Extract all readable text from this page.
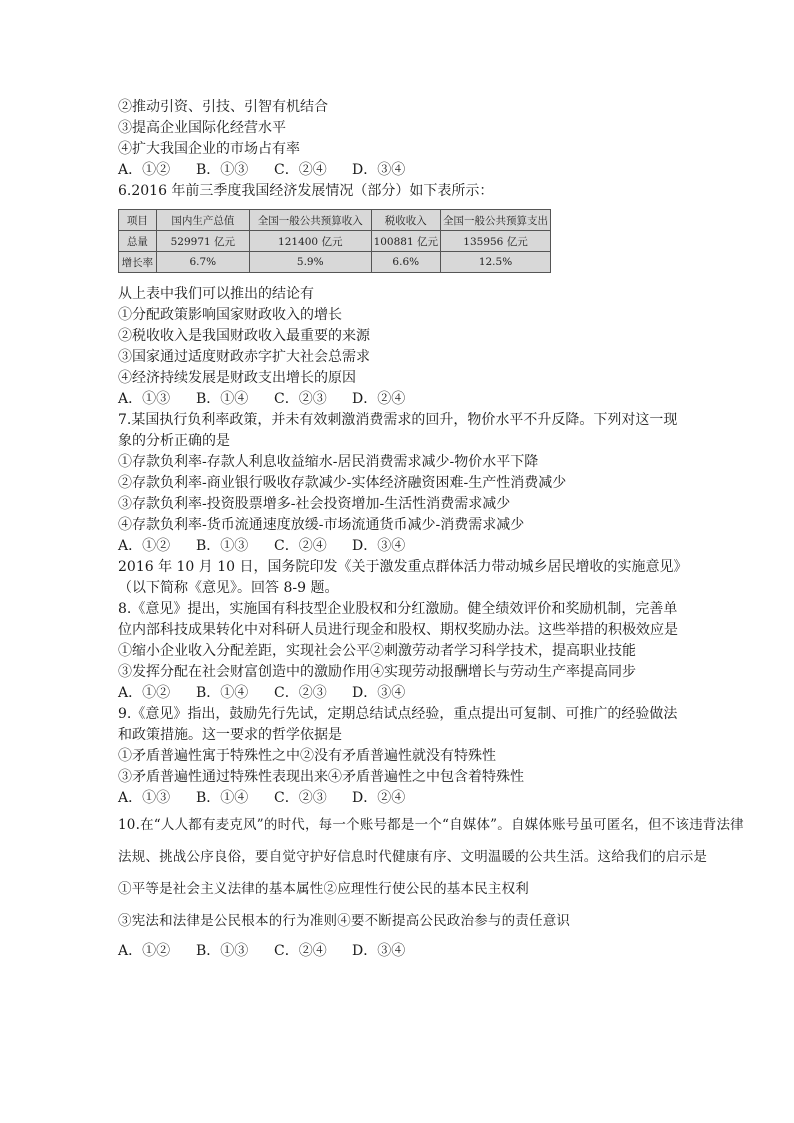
②推动引资、引技、引智有机结合
③提高企业国际化经营水平
④扩大我国企业的市场占有率
A．①② B．①③ C．②④ D．③④
6.2016 年前三季度我国经济发展情况（部分）如下表所示：
项目	国内生产总值	全国一般公共预算收入	税收收入	全国一般公共预算支出
总量	529971 亿元	121400 亿元	100881 亿元	135956 亿元
增长率	6.7%	5.9%	6.6%	12.5%
从上表中我们可以推出的结论有
①分配政策影响国家财政收入的增长
②税收收入是我国财政收入最重要的来源
③国家通过适度财政赤字扩大社会总需求
④经济持续发展是财政支出增长的原因
A．①③ B．①④ C．②③ D．②④
7.某国执行负利率政策，并未有效刺激消费需求的回升，物价水平不升反降。下列对这一现
象的分析正确的是
①存款负利率-存款人利息收益缩水-居民消费需求减少-物价水平下降
②存款负利率-商业银行吸收存款减少-实体经济融资困难-生产性消费减少
③存款负利率-投资股票增多-社会投资增加-生活性消费需求减少
④存款负利率-货币流通速度放缓-市场流通货币减少-消费需求减少
A．①② B．①③ C．②④ D．③④
2016 年 10 月 10 日，国务院印发《关于激发重点群体活力带动城乡居民增收的实施意见》
（以下简称《意见》。回答 8-9 题。
8.《意见》提出，实施国有科技型企业股权和分红激励。健全绩效评价和奖励机制，完善单
位内部科技成果转化中对科研人员进行现金和股权、期权奖励办法。这些举措的积极效应是
①缩小企业收入分配差距，实现社会公平②刺激劳动者学习科学技术，提高职业技能
③发挥分配在社会财富创造中的激励作用④实现劳动报酬增长与劳动生产率提高同步
A．①② B．①④ C．②③ D．③④
9.《意见》指出，鼓励先行先试，定期总结试点经验，重点提出可复制、可推广的经验做法
和政策措施。这一要求的哲学依据是
①矛盾普遍性寓于特殊性之中②没有矛盾普遍性就没有特殊性
③矛盾普遍性通过特殊性表现出来④矛盾普遍性之中包含着特殊性
A．①③ B．①④ C．②③ D．②④
10.在“人人都有麦克风”的时代，每一个账号都是一个“自媒体”。自媒体账号虽可匿名，但不该违背法律
法规、挑战公序良俗，要自觉守护好信息时代健康有序、文明温暖的公共生活。这给我们的启示是
①平等是社会主义法律的基本属性②应理性行使公民的基本民主权利
③宪法和法律是公民根本的行为准则④要不断提高公民政治参与的责任意识
A．①② B．①③ C．②④ D．③④
